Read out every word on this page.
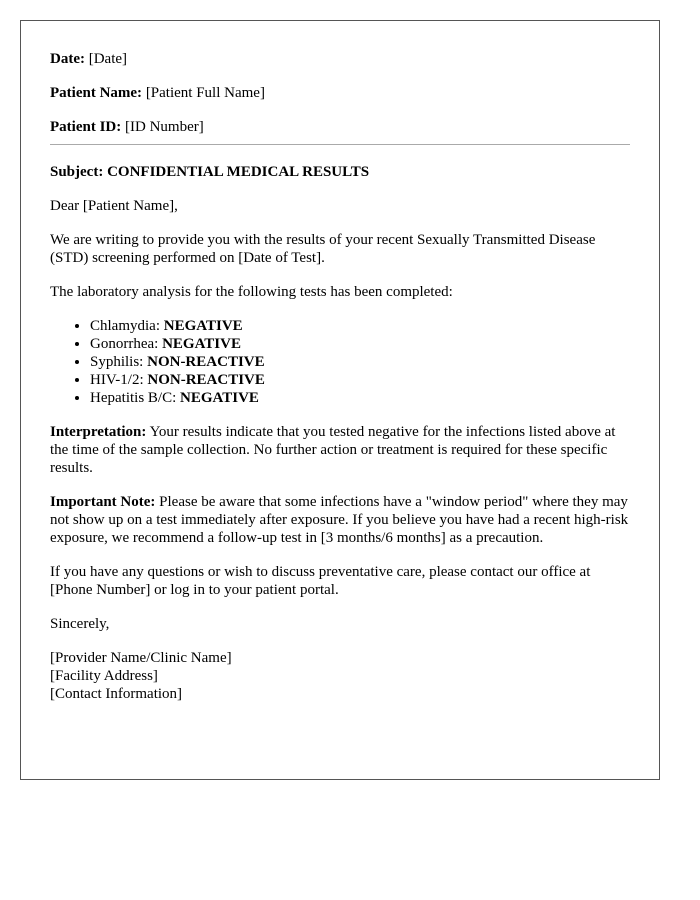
Date: [Date]

Patient Name: [Patient Full Name]

Patient ID: [ID Number]

Subject: CONFIDENTIAL MEDICAL RESULTS

Dear [Patient Name],

We are writing to provide you with the results of your recent Sexually Transmitted Disease (STD) screening performed on [Date of Test].

The laboratory analysis for the following tests has been completed:

• Chlamydia: NEGATIVE
• Gonorrhea: NEGATIVE
• Syphilis: NON-REACTIVE
• HIV-1/2: NON-REACTIVE
• Hepatitis B/C: NEGATIVE

Interpretation: Your results indicate that you tested negative for the infections listed above at the time of the sample collection. No further action or treatment is required for these specific results.

Important Note: Please be aware that some infections have a "window period" where they may not show up on a test immediately after exposure. If you believe you have had a recent high-risk exposure, we recommend a follow-up test in [3 months/6 months] as a precaution.

If you have any questions or wish to discuss preventative care, please contact our office at [Phone Number] or log in to your patient portal.

Sincerely,

[Provider Name/Clinic Name]

[Facility Address]

[Contact Information]
